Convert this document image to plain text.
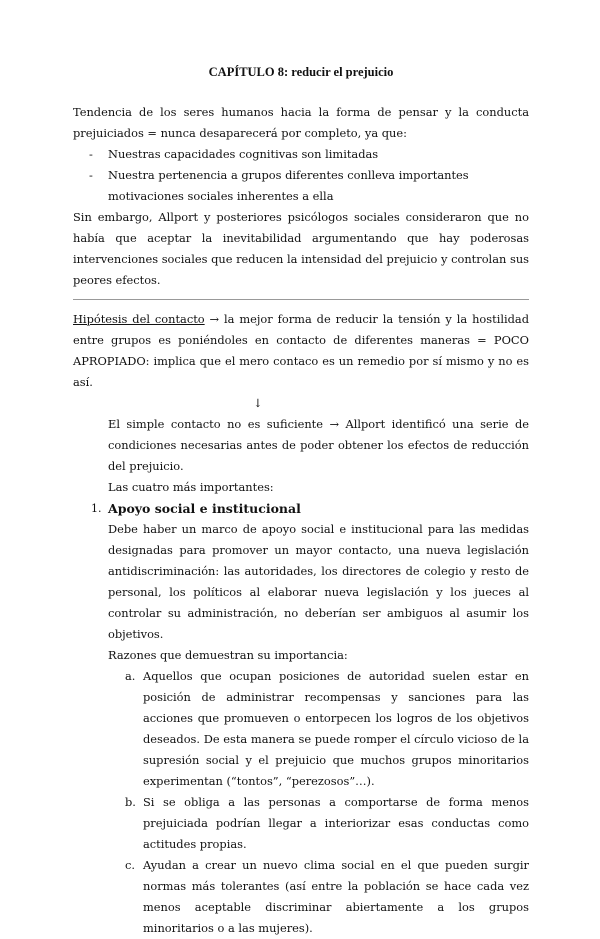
CAPÍTULO 8: reducir el prejuicio

Tendencia de los seres humanos hacia la forma de pensar y la conducta prejuiciados = nunca desaparecerá por completo, ya que:

- Nuestras capacidades cognitivas son limitadas
- Nuestra pertenencia a grupos diferentes conlleva importantes motivaciones sociales inherentes a ella

Sin embargo, Allport y posteriores psicólogos sociales consideraron que no había que aceptar la inevitabilidad argumentando que hay poderosas intervenciones sociales que reducen la intensidad del prejuicio y controlan sus peores efectos.

Hipótesis del contacto → la mejor forma de reducir la tensión y la hostilidad entre grupos es poniéndoles en contacto de diferentes maneras = POCO APROPIADO: implica que el mero contaco es un remedio por sí mismo y no es así.

↓

El simple contacto no es suficiente → Allport identificó una serie de condiciones necesarias antes de poder obtener los efectos de reducción del prejuicio.

Las cuatro más importantes:

1. Apoyo social e institucional

Debe haber un marco de apoyo social e institucional para las medidas designadas para promover un mayor contacto, una nueva legislación antidiscriminación: las autoridades, los directores de colegio y resto de personal, los políticos al elaborar nueva legislación y los jueces al controlar su administración, no deberían ser ambiguos al asumir los objetivos.

Razones que demuestran su importancia:

a. Aquellos que ocupan posiciones de autoridad suelen estar en posición de administrar recompensas y sanciones para las acciones que promueven o entorpecen los logros de los objetivos deseados. De esta manera se puede romper el círculo vicioso de la supresión social y el prejuicio que muchos grupos minoritarios experimentan (“tontos”, “perezosos”…).
b. Si se obliga a las personas a comportarse de forma menos prejuiciada podrían llegar a interiorizar esas conductas como actitudes propias.
c. Ayudan a crear un nuevo clima social en el que pueden surgir normas más tolerantes (así entre la población se hace cada vez menos aceptable discriminar abiertamente a los grupos minoritarios o a las mujeres).
